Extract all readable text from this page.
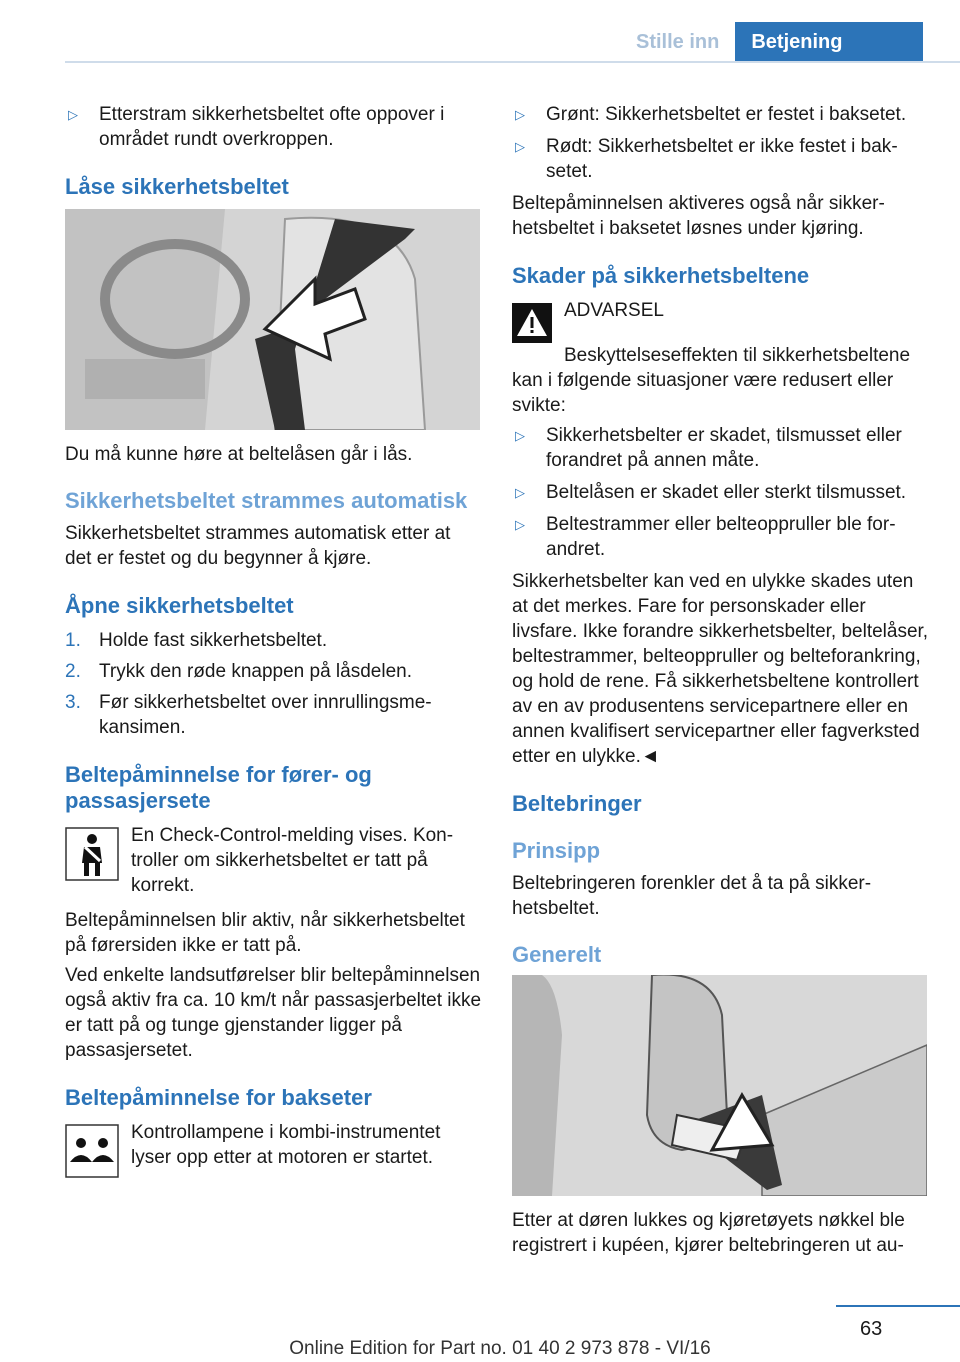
Stille inn	Betjening
▷	Etterstram sikkerhetsbeltet ofte oppover i området rundt overkroppen.
Låse sikkerhetsbeltet

Du må kunne høre at beltelåsen går i lås.

Sikkerhetsbeltet strammes automatisk

Sikkerhetsbeltet strammes automatisk etter at det er festet og du begynner å kjøre.

Åpne sikkerhetsbeltet
1. Holde fast sikkerhetsbeltet.
2. Trykk den røde knappen på låsdelen.
3. Før sikkerhetsbeltet over innrullingsmekansimen.
Beltepåminnelse for fører- og passasjersete

En Check-Control-melding vises. Kontroller om sikkerhetsbeltet er tatt på korrekt.

Beltepåminnelsen blir aktiv, når sikkerhetsbeltet på førersiden ikke er tatt på.

Ved enkelte landsutførelser blir beltepåminnelsen også aktiv fra ca. 10 km/t når passasjerbeltet ikke er tatt på og tunge gjenstander ligger på passasjersetet.

Beltepåminnelse for bakseter

Kontrollampene i kombi-instrumentet lyser opp etter at motoren er startet.

▷	Grønt: Sikkerhetsbeltet er festet i baksetet.
▷	Rødt: Sikkerhetsbeltet er ikke festet i baksetet.

Beltepåminnelsen aktiveres også når sikkerhetsbeltet i baksetet løsnes under kjøring.

Skader på sikkerhetsbeltene

ADVARSEL

Beskyttelseseffekten til sikkerhetsbeltene kan i følgende situasjoner være redusert eller svikte:

▷	Sikkerhetsbelter er skadet, tilsmusset eller forandret på annen måte.
▷	Beltelåsen er skadet eller sterkt tilsmusset.
▷	Beltestrammer eller belteoppruller ble forandret.

Sikkerhetsbelter kan ved en ulykke skades uten at det merkes. Fare for personskader eller livsfare. Ikke forandre sikkerhetsbelter, beltelåser, beltestrammer, belteoppruller og belteforankring, og hold de rene. Få sikkerhetsbeltene kontrollert av en av produsentens servicepartnere eller en annen kvalifisert servicepartner eller fagverksted etter en ulykke.◄

Beltebringer
Prinsipp

Beltebringeren forenkler det å ta på sikkerhetsbeltet.

Generelt

Etter at døren lukkes og kjøretøyets nøkkel ble registrert i kupéen, kjører beltebringeren ut au-

63
Online Edition for Part no. 01 40 2 973 878 - VI/16
